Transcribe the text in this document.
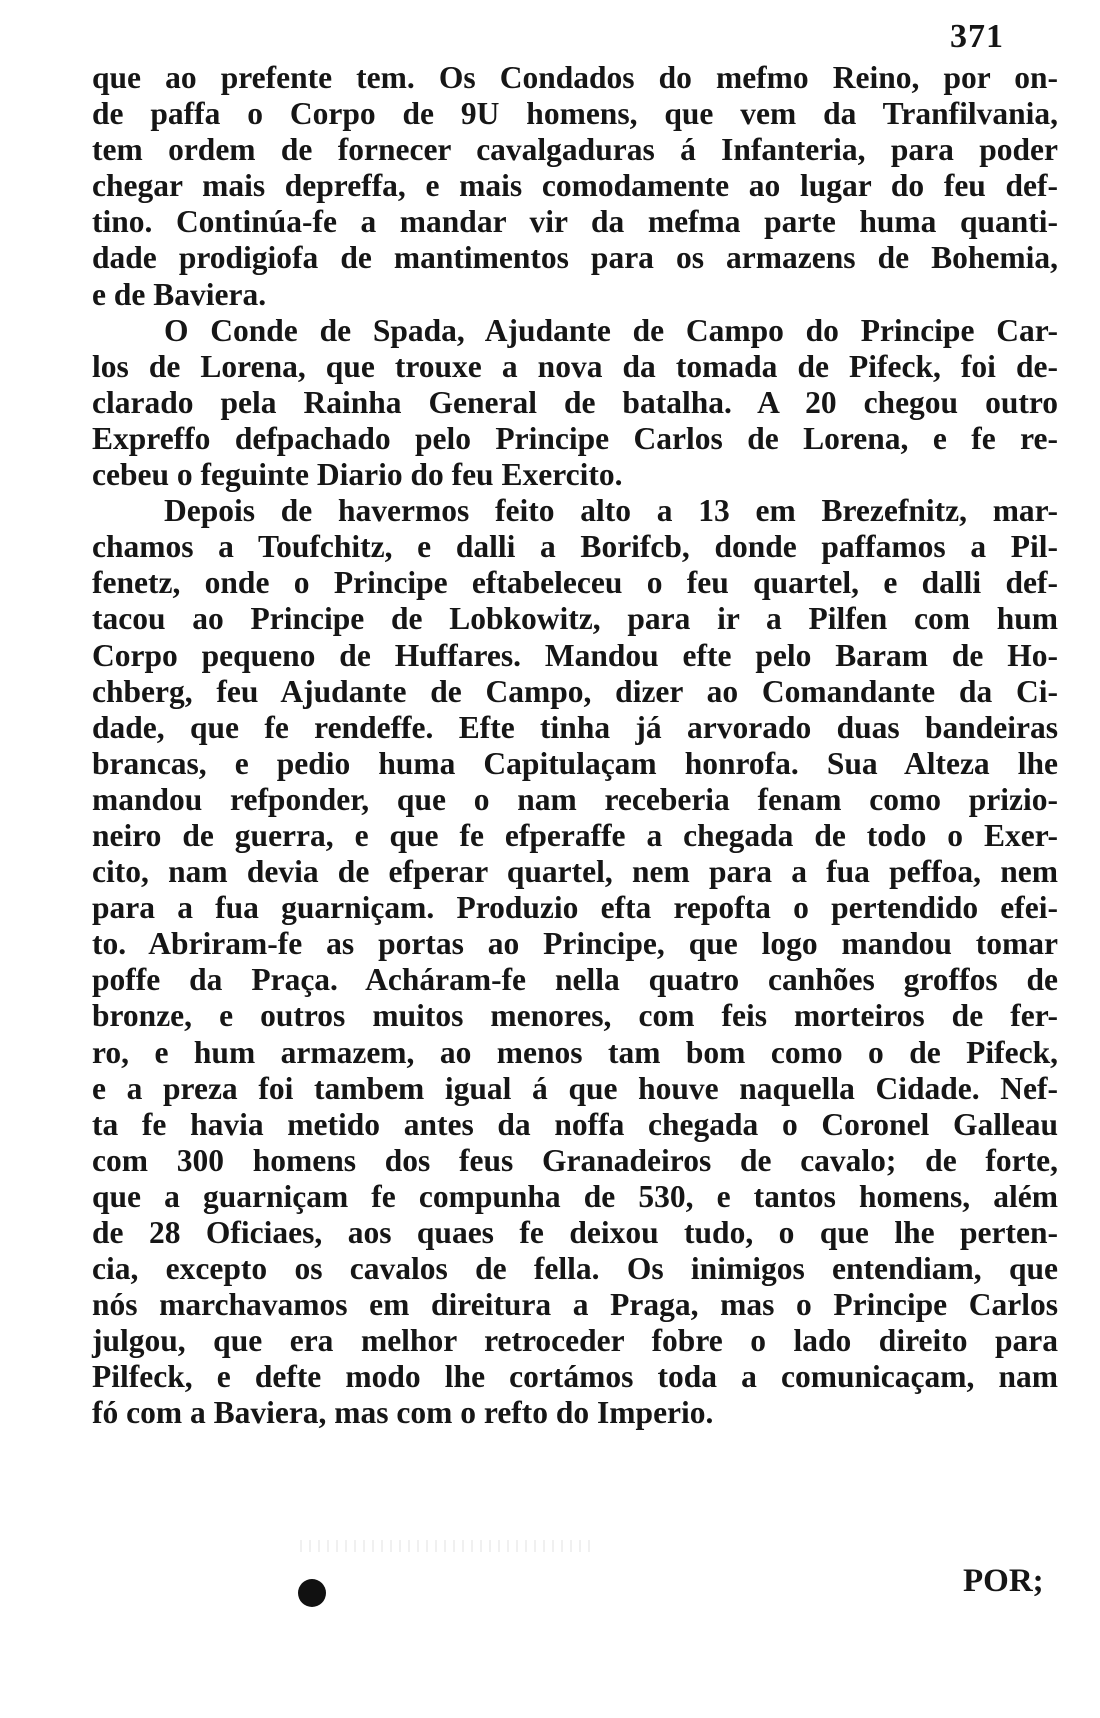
371
que ao prefente tem. Os Condados do mefmo Reino, por on-
de paffa o Corpo de 9U homens, que vem da Tranfilvania,
tem ordem de fornecer cavalgaduras á Infanteria, para poder
chegar mais depreffa, e mais comodamente ao lugar do feu def-
tino. Continúa-fe a mandar vir da mefma parte huma quanti-
dade prodigiofa de mantimentos para os armazens de Bohemia,
e de Baviera.
O Conde de Spada, Ajudante de Campo do Principe Car-
los de Lorena, que trouxe a nova da tomada de Pifeck, foi de-
clarado pela Rainha General de batalha. A 20 chegou outro
Expreffo defpachado pelo Principe Carlos de Lorena, e fe re-
cebeu o feguinte Diario do feu Exercito.
Depois de havermos feito alto a 13 em Brezefnitz, mar-
chamos a Toufchitz, e dalli a Borifcb, donde paffamos a Pil-
fenetz, onde o Principe eftabeleceu o feu quartel, e dalli def-
tacou ao Principe de Lobkowitz, para ir a Pilfen com hum
Corpo pequeno de Huffares. Mandou efte pelo Baram de Ho-
chberg, feu Ajudante de Campo, dizer ao Comandante da Ci-
dade, que fe rendeffe. Efte tinha já arvorado duas bandeiras
brancas, e pedio huma Capitulaçam honrofa. Sua Alteza lhe
mandou refponder, que o nam receberia fenam como prizio-
neiro de guerra, e que fe efperaffe a chegada de todo o Exer-
cito, nam devia de efperar quartel, nem para a fua peffoa, nem
para a fua guarniçam. Produzio efta repofta o pertendido efei-
to. Abriram-fe as portas ao Principe, que logo mandou tomar
poffe da Praça. Acháram-fe nella quatro canhões groffos de
bronze, e outros muitos menores, com feis morteiros de fer-
ro, e hum armazem, ao menos tam bom como o de Pifeck,
e a preza foi tambem igual á que houve naquella Cidade. Nef-
ta fe havia metido antes da noffa chegada o Coronel Galleau
com 300 homens dos feus Granadeiros de cavalo; de forte,
que a guarniçam fe compunha de 530, e tantos homens, além
de 28 Oficiaes, aos quaes fe deixou tudo, o que lhe perten-
cia, excepto os cavalos de fella. Os inimigos entendiam, que
nós marchavamos em direitura a Praga, mas o Principe Carlos
julgou, que era melhor retroceder fobre o lado direito para
Pilfeck, e defte modo lhe cortámos toda a comunicaçam, nam
fó com a Baviera, mas com o refto do Imperio.
POR;
